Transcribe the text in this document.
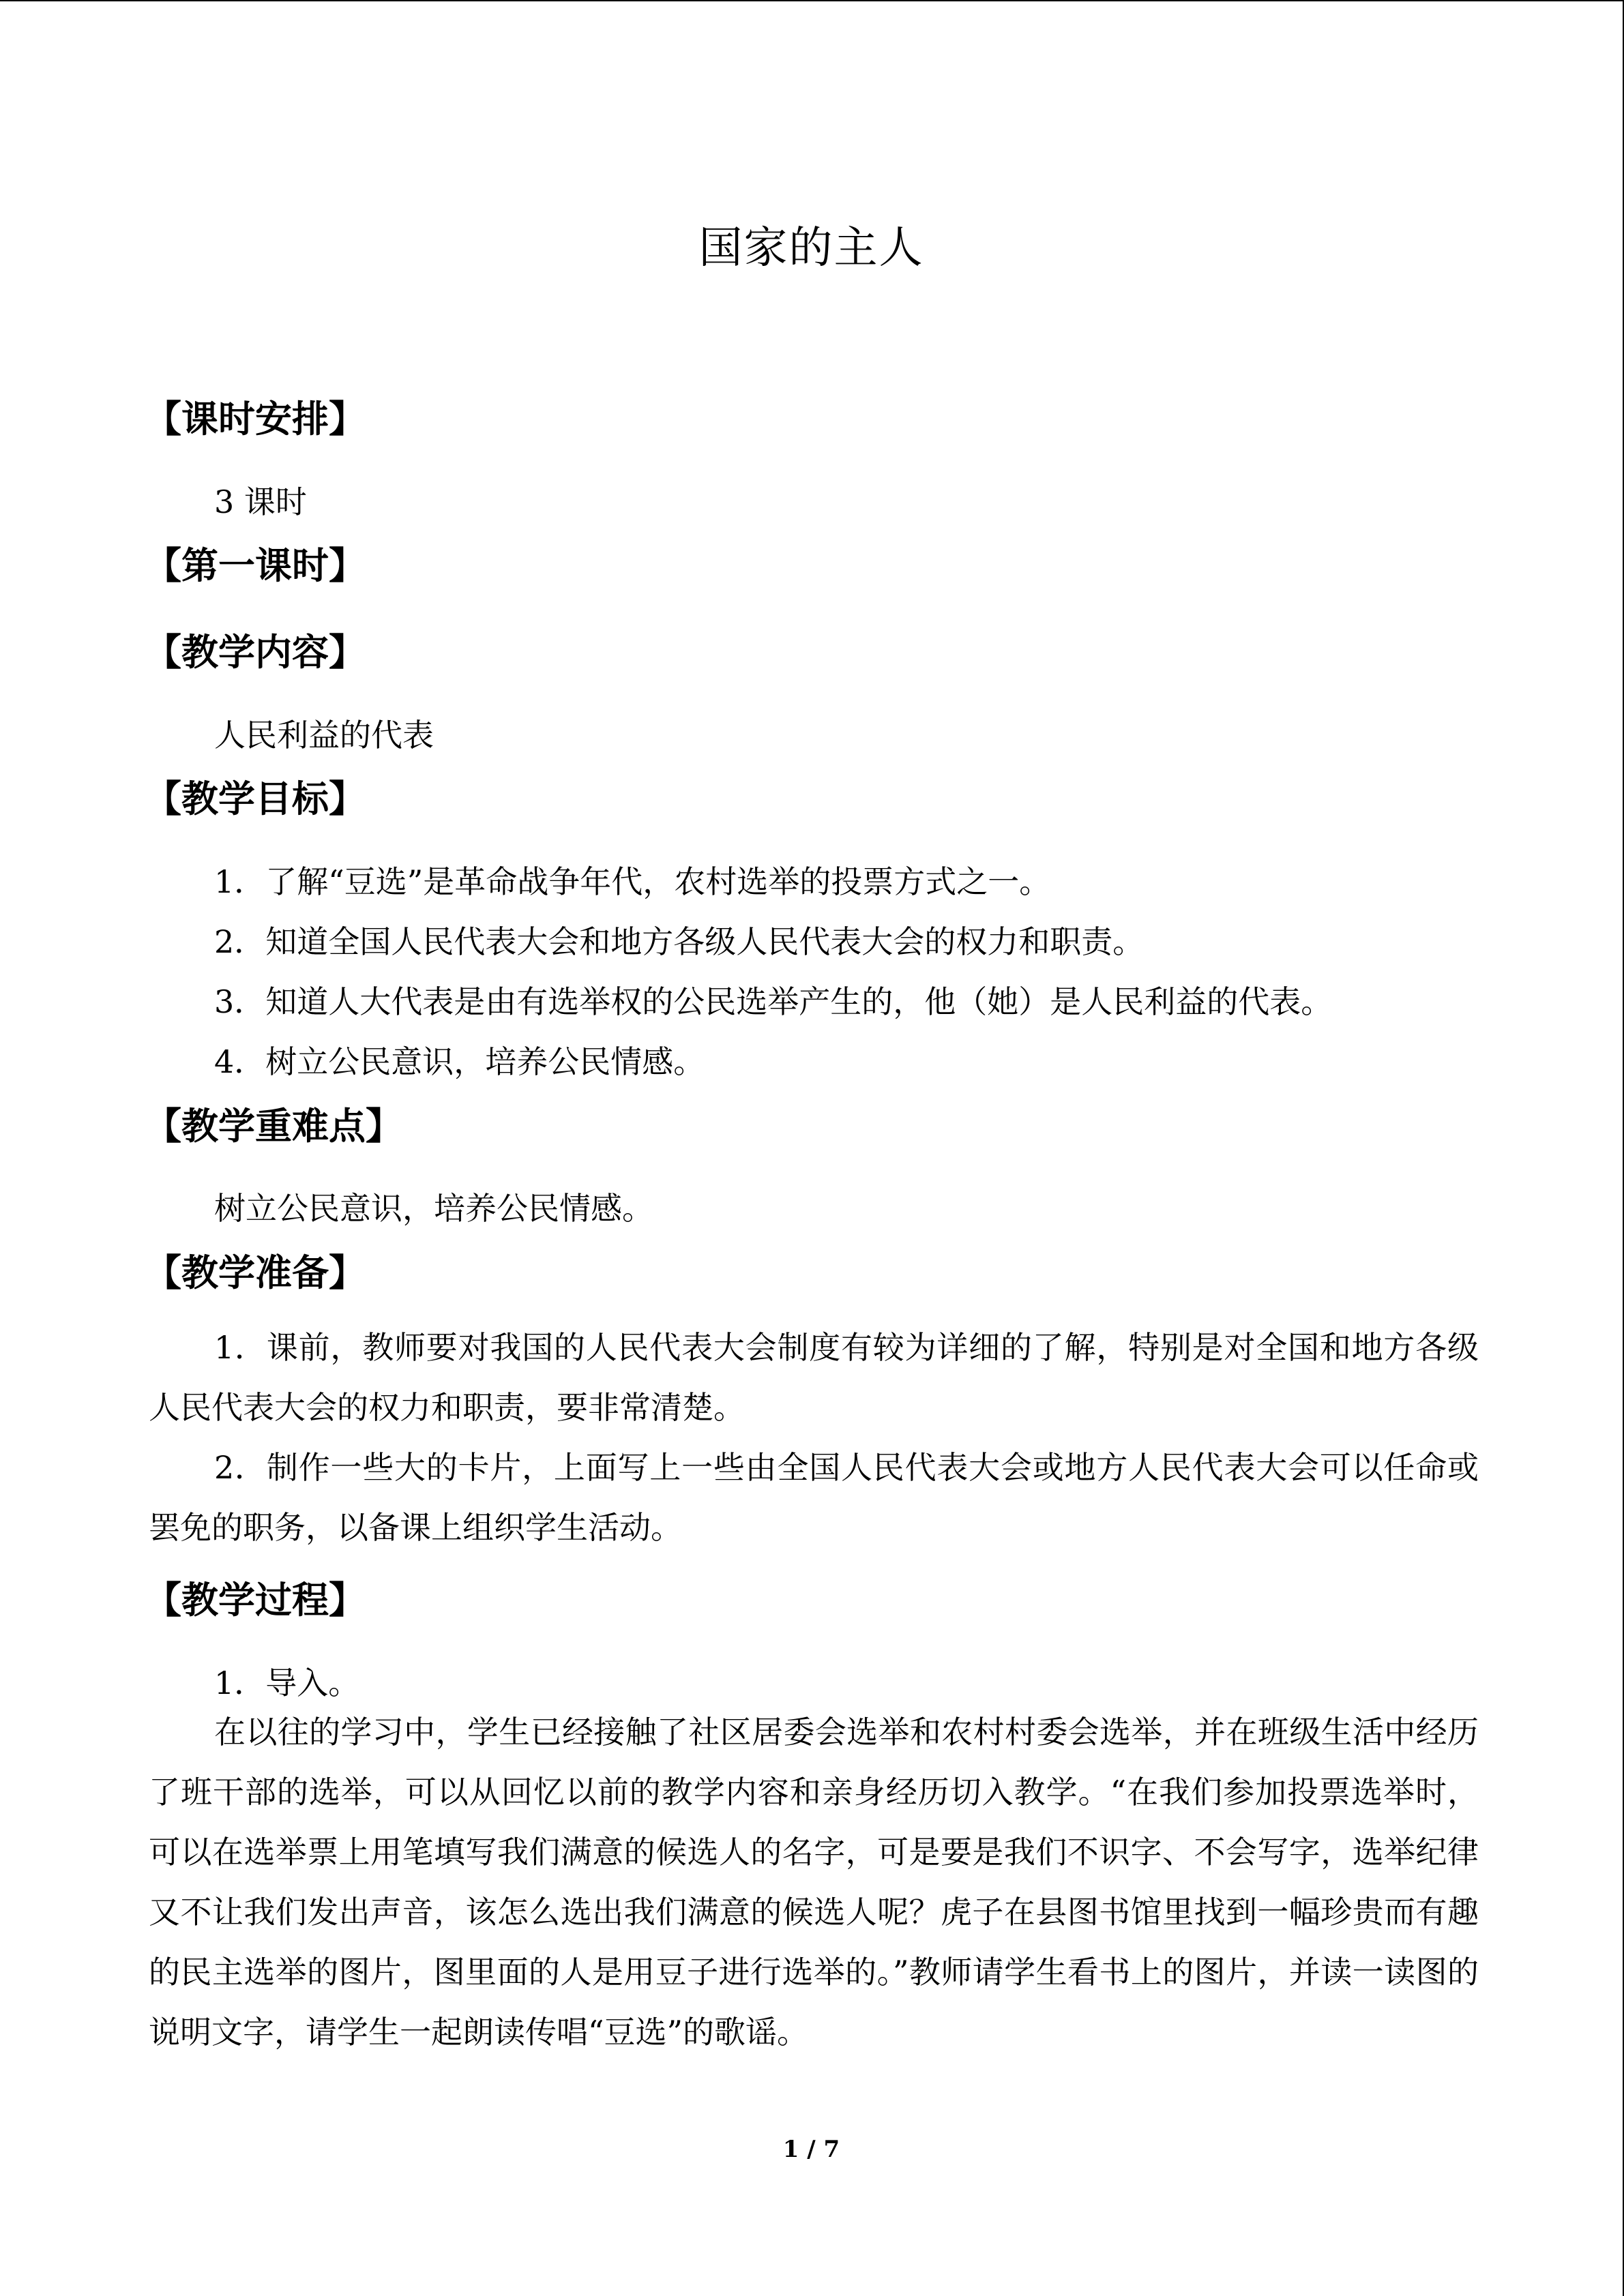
国家的主人
【课时安排】
3 课时
【第一课时】
【教学内容】
人民利益的代表
【教学目标】
1．了解“豆选”是革命战争年代，农村选举的投票方式之一。
2．知道全国人民代表大会和地方各级人民代表大会的权力和职责。
3．知道人大代表是由有选举权的公民选举产生的，他（她）是人民利益的代表。
4．树立公民意识，培养公民情感。
【教学重难点】
树立公民意识，培养公民情感。
【教学准备】
1．课前，教师要对我国的人民代表大会制度有较为详细的了解，特别是对全国和地方各级人民代表大会的权力和职责，要非常清楚。
2．制作一些大的卡片，上面写上一些由全国人民代表大会或地方人民代表大会可以任命或罢免的职务，以备课上组织学生活动。
【教学过程】
1．导入。
在以往的学习中，学生已经接触了社区居委会选举和农村村委会选举，并在班级生活中经历了班干部的选举，可以从回忆以前的教学内容和亲身经历切入教学。“在我们参加投票选举时，可以在选举票上用笔填写我们满意的候选人的名字，可是要是我们不识字、不会写字，选举纪律又不让我们发出声音，该怎么选出我们满意的候选人呢？虎子在县图书馆里找到一幅珍贵而有趣的民主选举的图片，图里面的人是用豆子进行选举的。”教师请学生看书上的图片，并读一读图的说明文字，请学生一起朗读传唱“豆选”的歌谣。
1 / 7
